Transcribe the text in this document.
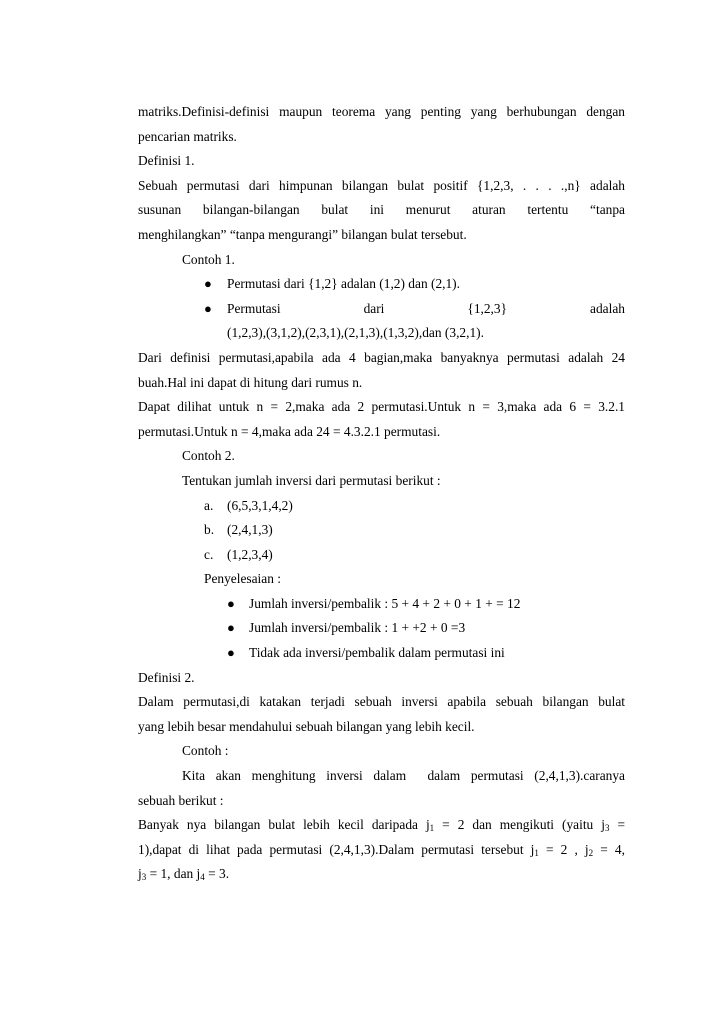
matriks.Definisi-definisi maupun teorema yang penting yang berhubungan dengan
pencarian matriks.
Definisi 1.
Sebuah permutasi dari himpunan bilangan bulat positif {1,2,3, . . . .,n} adalah
susunan bilangan-bilangan bulat ini menurut aturan tertentu “tanpa
menghilangkan” “tanpa mengurangi” bilangan bulat tersebut.
Contoh 1.
● Permutasi dari {1,2} adalan (1,2) dan (2,1).
● Permutasi	dari	{1,2,3}	adalah
(1,2,3),(3,1,2),(2,3,1),(2,1,3),(1,3,2),dan (3,2,1).
Dari definisi permutasi,apabila ada 4 bagian,maka banyaknya permutasi adalah 24
buah.Hal ini dapat di hitung dari rumus n.
Dapat dilihat untuk n = 2,maka ada 2 permutasi.Untuk n = 3,maka ada 6 = 3.2.1
permutasi.Untuk n = 4,maka ada 24 = 4.3.2.1 permutasi.
Contoh 2.
Tentukan jumlah inversi dari permutasi berikut :
a. (6,5,3,1,4,2)
b. (2,4,1,3)
c. (1,2,3,4)
Penyelesaian :
● Jumlah inversi/pembalik : 5 + 4 + 2 + 0 + 1 + = 12
● Jumlah inversi/pembalik : 1 + +2 + 0 =3
● Tidak ada inversi/pembalik dalam permutasi ini
Definisi 2.
Dalam permutasi,di katakan terjadi sebuah inversi apabila sebuah bilangan bulat
yang lebih besar mendahului sebuah bilangan yang lebih kecil.
Contoh :
Kita akan menghitung inversi dalam  dalam permutasi (2,4,1,3).caranya
sebuah berikut :
Banyak nya bilangan bulat lebih kecil daripada $j_1 = 2$ dan mengikuti (yaitu $j_3$ =
1),dapat di lihat pada permutasi (2,4,1,3).Dalam permutasi tersebut $j_1 = 2$ , $j_2 = 4$,
$j_3 = 1$, dan $j_4 = 3$.
